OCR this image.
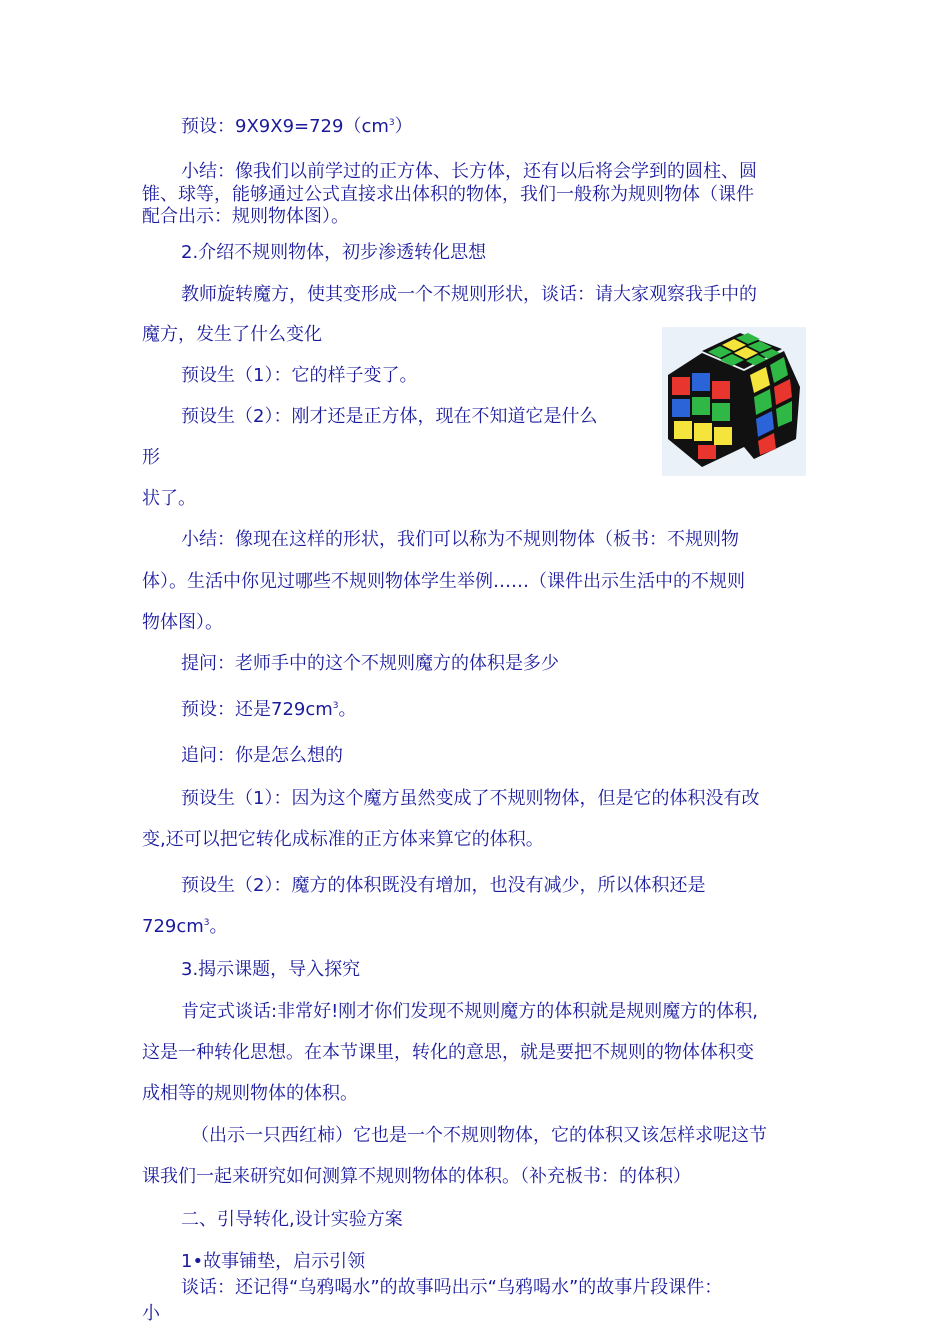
预设：$9X9X9=729(cm^3)$
小结：像我们以前学过的正方体、长方体，还有以后将会学到的圆柱、圆
锥、球等，能够通过公式直接求出体积的物体，我们一般称为规则物体（课件
配合出示：规则物体图）。
2.介绍不规则物体，初步渗透转化思想
教师旋转魔方，使其变形成一个不规则形状，谈话：请大家观察我手中的
魔方，发生了什么变化
预设生（1）：它的样子变了。
预设生（2）：刚才还是正方体，现在不知道它是什么
形
状了。
小结：像现在这样的形状，我们可以称为不规则物体（板书：不规则物
体）。生活中你见过哪些不规则物体学生举例……（课件出示生活中的不规则
物体图）。
提问：老师手中的这个不规则魔方的体积是多少
预设：还是$729cm^3$。
追问：你是怎么想的
预设生（1）：因为这个魔方虽然变成了不规则物体，但是它的体积没有改
变,还可以把它转化成标准的正方体来算它的体积。
预设生（2）：魔方的体积既没有增加，也没有减少，所以体积还是
$729cm^3$。
3.揭示课题，导入探究
肯定式谈话:非常好!刚才你们发现不规则魔方的体积就是规则魔方的体积,
这是一种转化思想。在本节课里，转化的意思，就是要把不规则的物体体积变
成相等的规则物体的体积。
（出示一只西红柿）它也是一个不规则物体，它的体积又该怎样求呢这节
课我们一起来研究如何测算不规则物体的体积。（补充板书：的体积）
二、引导转化,设计实验方案
1•故事铺垫，启示引领
谈话：还记得“乌鸦喝水”的故事吗出示“乌鸦喝水”的故事片段课件：
小
